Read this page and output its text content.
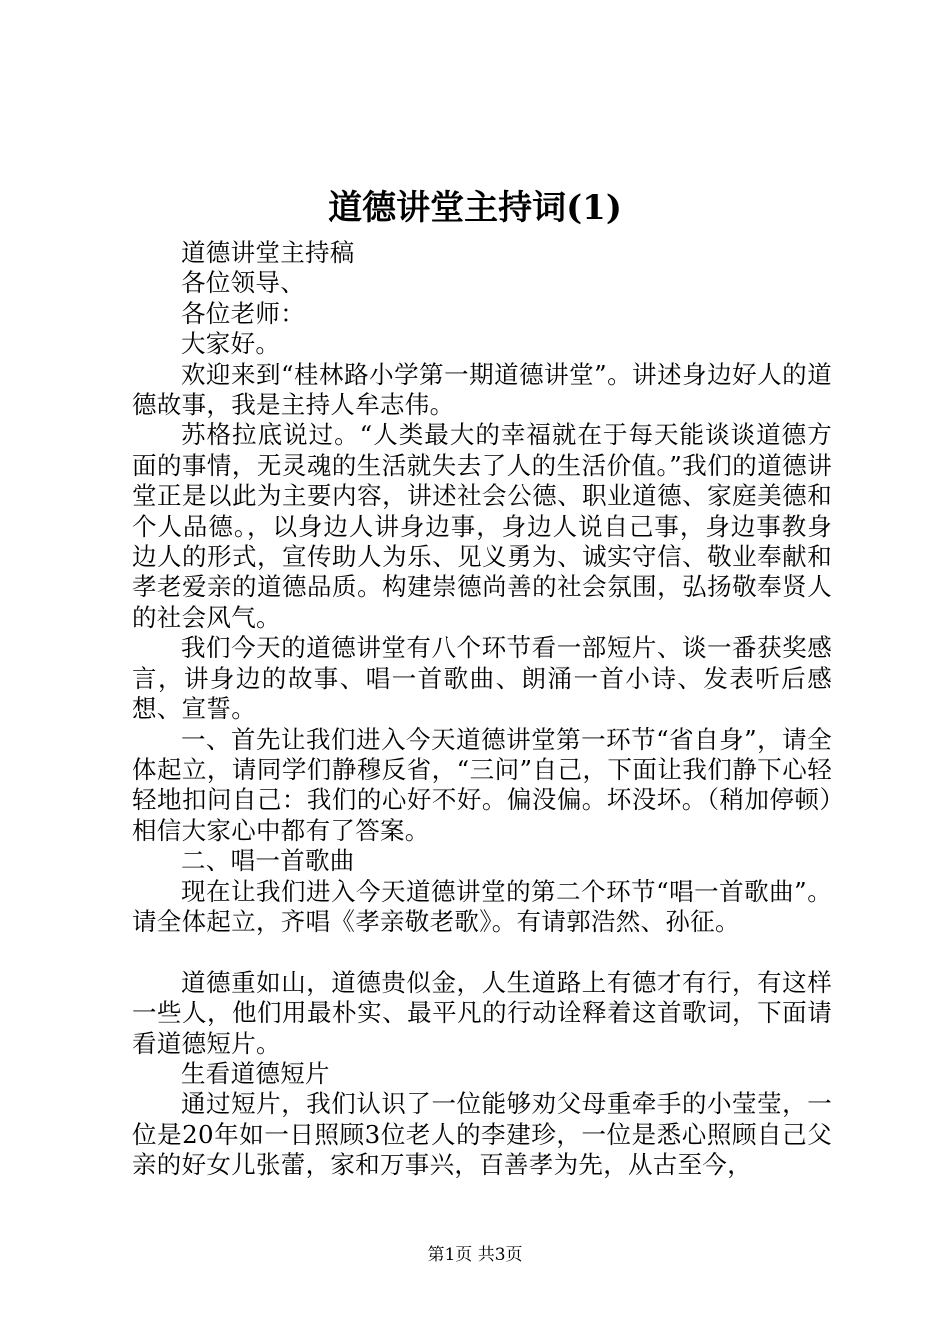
道德讲堂主持词(1)

道德讲堂主持稿

各位领导、

各位老师：

大家好。

欢迎来到“桂林路小学第一期道德讲堂”。讲述身边好人的道德故事，我是主持人牟志伟。

苏格拉底说过。“人类最大的幸福就在于每天能谈谈道德方面的事情，无灵魂的生活就失去了人的生活价值。”我们的道德讲堂正是以此为主要内容，讲述社会公德、职业道德、家庭美德和个人品德。，以身边人讲身边事，身边人说自己事，身边事教身边人的形式，宣传助人为乐、见义勇为、诚实守信、敬业奉献和孝老爱亲的道德品质。构建崇德尚善的社会氛围，弘扬敬奉贤人的社会风气。

我们今天的道德讲堂有八个环节看一部短片、谈一番获奖感言，讲身边的故事、唱一首歌曲、朗涌一首小诗、发表听后感想、宣誓。

一、首先让我们进入今天道德讲堂第一环节“省自身”，请全体起立，请同学们静穆反省，“三问”自己，下面让我们静下心轻轻地扣问自己：我们的心好不好。偏没偏。坏没坏。（稍加停顿）相信大家心中都有了答案。

二、唱一首歌曲

现在让我们进入今天道德讲堂的第二个环节“唱一首歌曲”。请全体起立，齐唱《孝亲敬老歌》。有请郭浩然、孙征。

道德重如山，道德贵似金，人生道路上有德才有行，有这样一些人，他们用最朴实、最平凡的行动诠释着这首歌词，下面请看道德短片。

生看道德短片

通过短片，我们认识了一位能够劝父母重牵手的小莹莹，一位是20年如一日照顾3位老人的李建珍，一位是悉心照顾自己父亲的好女儿张蕾，家和万事兴，百善孝为先，从古至今，

第1页 共3页
